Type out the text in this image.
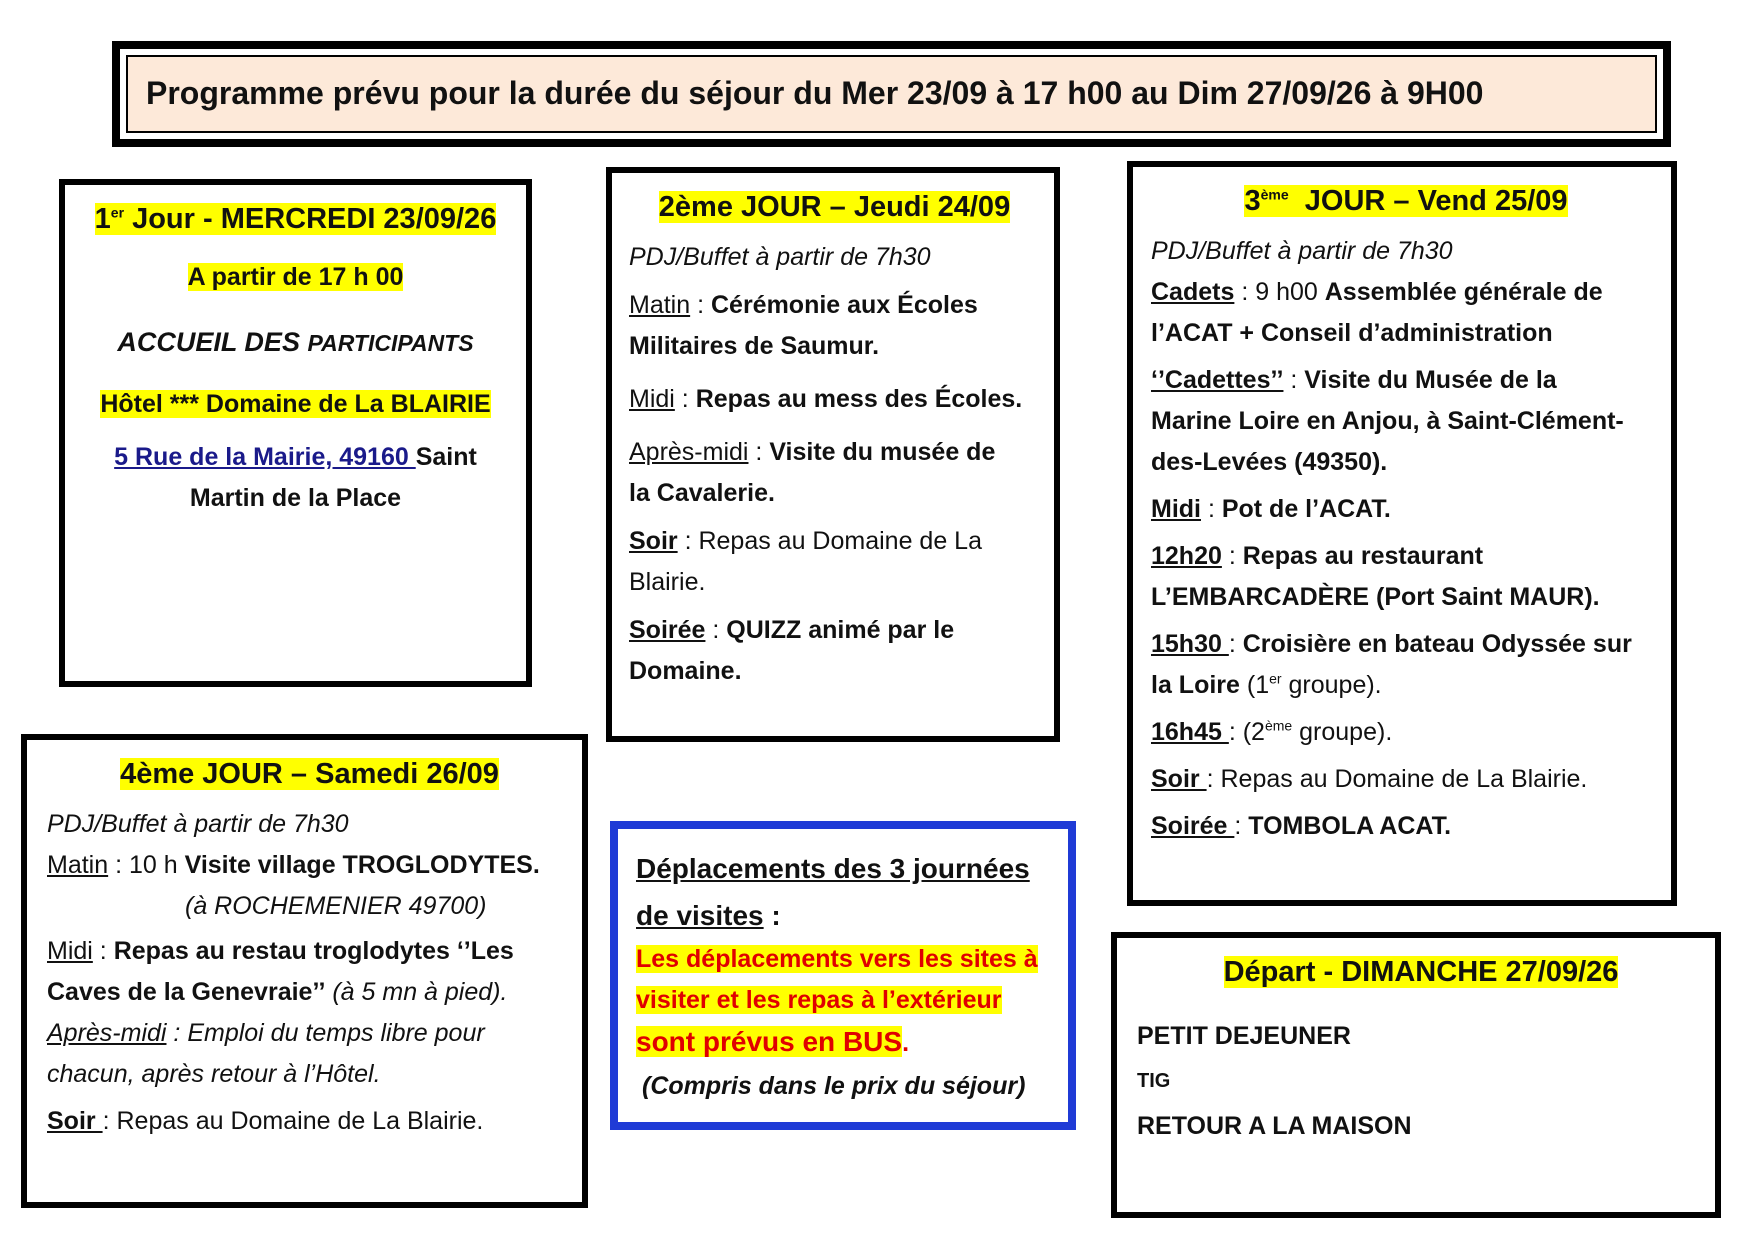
Programme prévu pour la durée du séjour du Mer 23/09 à 17 h00 au Dim 27/09/26 à 9H00

1er Jour - MERCREDI 23/09/26

A partir de 17 h 00

ACCUEIL DES PARTICIPANTS

Hôtel *** Domaine de La BLAIRIE

5 Rue de la Mairie, 49160 Saint
Martin de la Place

2ème JOUR – Jeudi 24/09

PDJ/Buffet à partir de 7h30

Matin : Cérémonie aux Écoles
Militaires de Saumur.

Midi : Repas au mess des Écoles.

Après-midi : Visite du musée de
la Cavalerie.

Soir : Repas au Domaine de La
Blairie.

Soirée : QUIZZ animé par le
Domaine.

3ème  JOUR – Vend 25/09

PDJ/Buffet à partir de 7h30

Cadets : 9 h00 Assemblée générale de
l’ACAT + Conseil d’administration

‘’Cadettes’’ : Visite du Musée de la
Marine Loire en Anjou, à Saint-Clément-
des-Levées (49350).

Midi : Pot de l’ACAT.

12h20 : Repas au restaurant
L’EMBARCADÈRE (Port Saint MAUR).

15h30 : Croisière en bateau Odyssée sur
la Loire (1er groupe).

16h45 : (2ème groupe).

Soir : Repas au Domaine de La Blairie.

Soirée : TOMBOLA ACAT.

4ème JOUR – Samedi 26/09

PDJ/Buffet à partir de 7h30

Matin : 10 h Visite village TROGLODYTES.
(à ROCHEMENIER 49700)

Midi : Repas au restau troglodytes ‘’Les
Caves de la Genevraie’’ (à 5 mn à pied).

Après-midi : Emploi du temps libre pour
chacun, après retour à l’Hôtel.

Soir : Repas au Domaine de La Blairie.

Déplacements des 3 journées
de visites :

Les déplacements vers les sites à
visiter et les repas à l’extérieur
sont prévus en BUS.

(Compris dans le prix du séjour)

Départ - DIMANCHE 27/09/26

PETIT DEJEUNER

TIG

RETOUR A LA MAISON
